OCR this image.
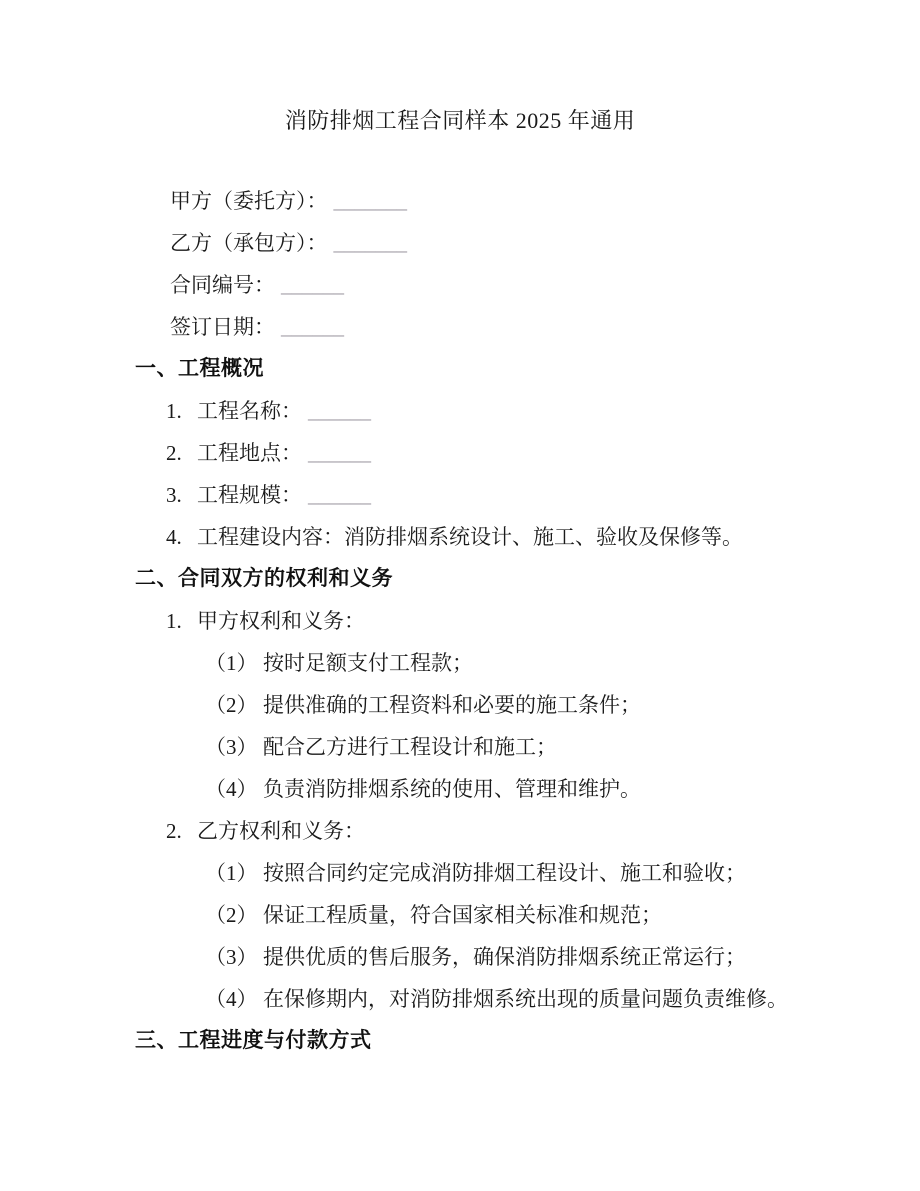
消防排烟工程合同样本 2025 年通用
甲方（委托方）： _______
乙方（承包方）： _______
合同编号： ______
签订日期： ______
一、工程概况
1. 工程名称： ______
2. 工程地点： ______
3. 工程规模： ______
4. 工程建设内容：消防排烟系统设计、施工、验收及保修等。
二、合同双方的权利和义务
1. 甲方权利和义务：
（1） 按时足额支付工程款；
（2） 提供准确的工程资料和必要的施工条件；
（3） 配合乙方进行工程设计和施工；
（4） 负责消防排烟系统的使用、管理和维护。
2. 乙方权利和义务：
（1） 按照合同约定完成消防排烟工程设计、施工和验收；
（2） 保证工程质量，符合国家相关标准和规范；
（3） 提供优质的售后服务，确保消防排烟系统正常运行；
（4） 在保修期内，对消防排烟系统出现的质量问题负责维修。
三、工程进度与付款方式
